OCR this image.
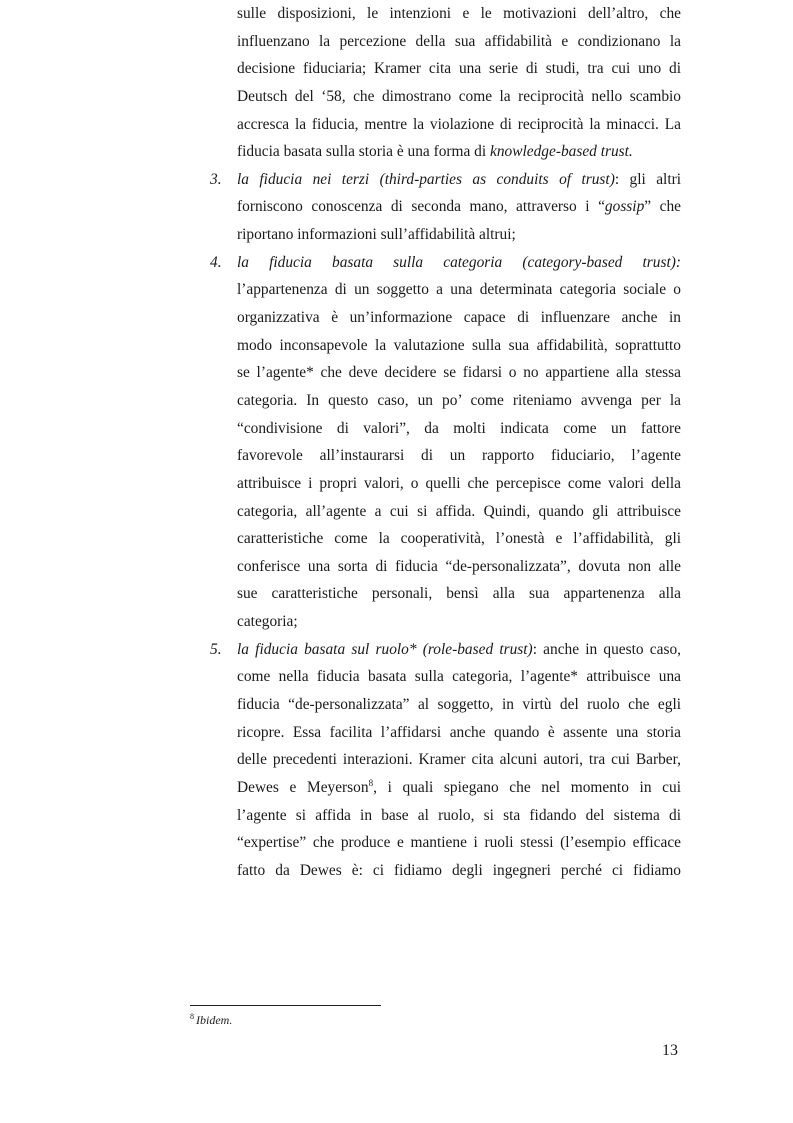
sulle disposizioni, le intenzioni e le motivazioni dell’altro, che
influenzano la percezione della sua affidabilità e condizionano la
decisione fiduciaria; Kramer cita una serie di studi, tra cui uno di
Deutsch del ‘58, che dimostrano come la reciprocità nello scambio
accresca la fiducia, mentre la violazione di reciprocità la minacci. La
fiducia basata sulla storia è una forma di knowledge-based trust.
3.	la fiducia nei terzi (third-parties as conduits of trust): gli altri
forniscono conoscenza di seconda mano, attraverso i “gossip” che
riportano informazioni sull’affidabilità altrui;
4.	la fiducia basata sulla categoria (category-based trust):
l’appartenenza di un soggetto a una determinata categoria sociale o
organizzativa è un’informazione capace di influenzare anche in
modo inconsapevole la valutazione sulla sua affidabilità, soprattutto
se l’agente* che deve decidere se fidarsi o no appartiene alla stessa
categoria. In questo caso, un po’ come riteniamo avvenga per la
“condivisione di valori”, da molti indicata come un fattore
favorevole all’instaurarsi di un rapporto fiduciario, l’agente
attribuisce i propri valori, o quelli che percepisce come valori della
categoria, all’agente a cui si affida. Quindi, quando gli attribuisce
caratteristiche come la cooperatività, l’onestà e l’affidabilità, gli
conferisce una sorta di fiducia “de-personalizzata”, dovuta non alle
sue caratteristiche personali, bensì alla sua appartenenza alla
categoria;
5.	la fiducia basata sul ruolo* (role-based trust): anche in questo caso,
come nella fiducia basata sulla categoria, l’agente* attribuisce una
fiducia “de-personalizzata” al soggetto, in virtù del ruolo che egli
ricopre. Essa facilita l’affidarsi anche quando è assente una storia
delle precedenti interazioni. Kramer cita alcuni autori, tra cui Barber,
Dewes e Meyerson$^8$, i quali spiegano che nel momento in cui
l’agente si affida in base al ruolo, si sta fidando del sistema di
“expertise” che produce e mantiene i ruoli stessi (l’esempio efficace
fatto da Dewes è: ci fidiamo degli ingegneri perché ci fidiamo
$^8$ Ibidem.
13
